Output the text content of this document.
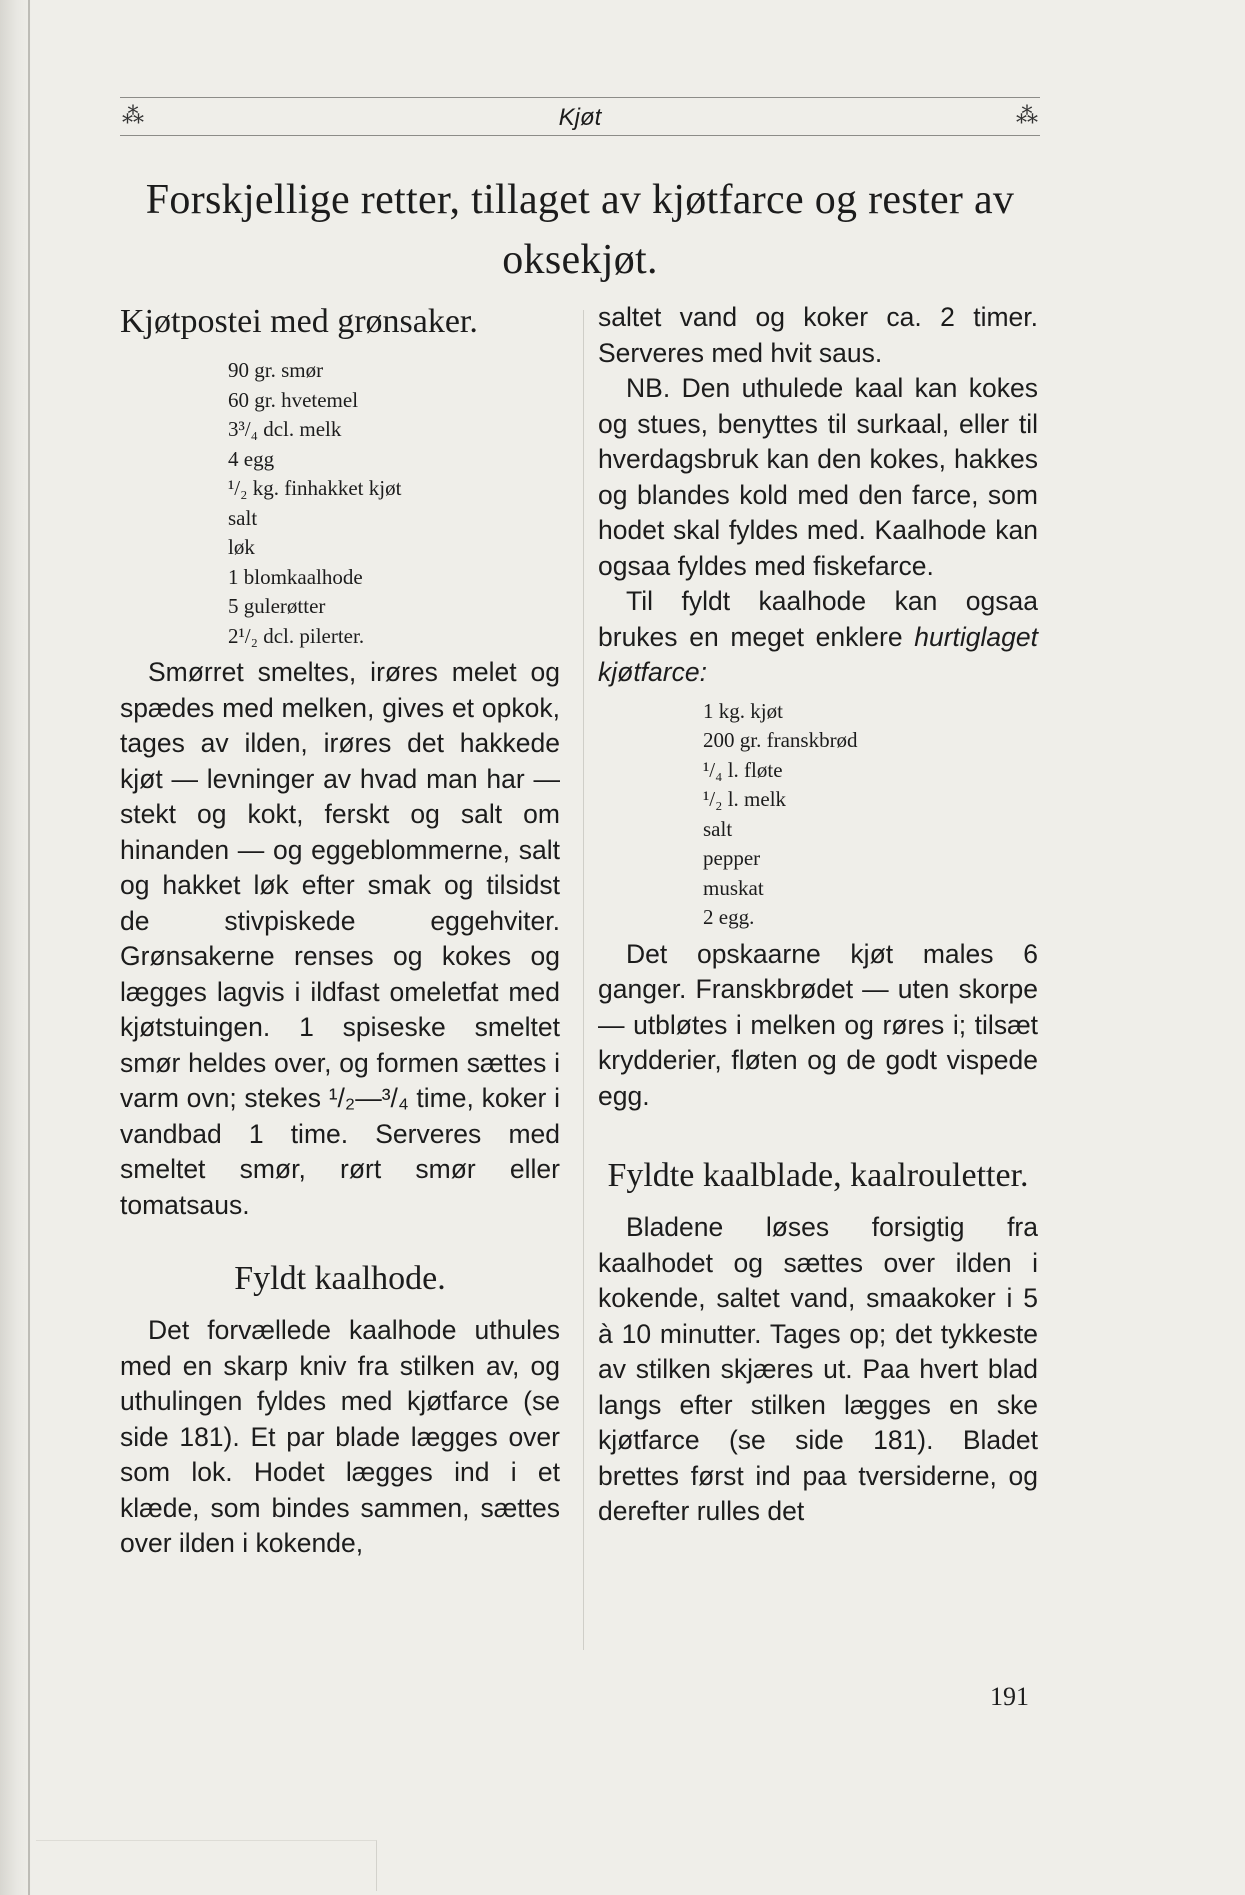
⁂	Kjøt	⁂
Forskjellige retter, tillaget av kjøtfarce og rester av oksekjøt.
Kjøtpostei med grønsaker.
90 gr. smør
60 gr. hvetemel
3³/₄ dcl. melk
4 egg
¹/₂ kg. finhakket kjøt
salt
løk
1 blomkaalhode
5 gulerøtter
2¹/₂ dcl. pilerter.

Smørret smeltes, irøres melet og spædes med melken, gives et opkok, tages av ilden, irøres det hakkede kjøt — levninger av hvad man har — stekt og kokt, ferskt og salt om hinanden — og eggeblommerne, salt og hakket løk efter smak og tilsidst de stivpiskede eggehviter. Grønsakerne renses og kokes og lægges lagvis i ildfast omeletfat med kjøtstuingen. 1 spiseske smeltet smør heldes over, og formen sættes i varm ovn; stekes ¹/₂—³/₄ time, koker i vandbad 1 time. Serveres med smeltet smør, rørt smør eller tomatsaus.

Fyldt kaalhode.

Det forvællede kaalhode uthules med en skarp kniv fra stilken av, og uthulingen fyldes med kjøtfarce (se side 181). Et par blade lægges over som lok. Hodet lægges ind i et klæde, som bindes sammen, sættes over ilden i kokende,

saltet vand og koker ca. 2 timer. Serveres med hvit saus.

NB. Den uthulede kaal kan kokes og stues, benyttes til surkaal, eller til hverdagsbruk kan den kokes, hakkes og blandes kold med den farce, som hodet skal fyldes med. Kaalhode kan ogsaa fyldes med fiskefarce.

Til fyldt kaalhode kan ogsaa brukes en meget enklere hurtiglaget kjøtfarce:

1 kg. kjøt
200 gr. franskbrød
¹/₄ l. fløte
¹/₂ l. melk
salt
pepper
muskat
2 egg.

Det opskaarne kjøt males 6 ganger. Franskbrødet — uten skorpe — utbløtes i melken og røres i; tilsæt krydderier, fløten og de godt vispede egg.

Fyldte kaalblade, kaalrouletter.

Bladene løses forsigtig fra kaalhodet og sættes over ilden i kokende, saltet vand, smaakoker i 5 à 10 minutter. Tages op; det tykkeste av stilken skjæres ut. Paa hvert blad langs efter stilken lægges en ske kjøtfarce (se side 181). Bladet brettes først ind paa tversiderne, og derefter rulles det

191
